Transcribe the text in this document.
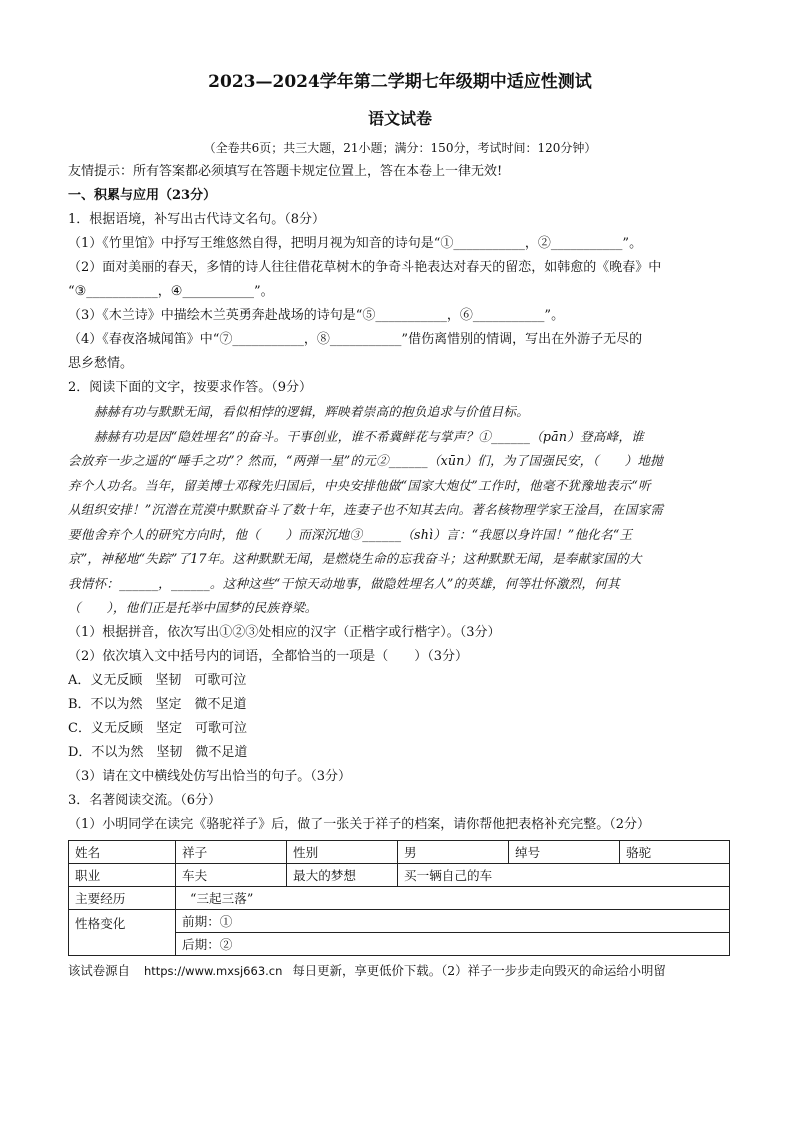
2023—2024学年第二学期七年级期中适应性测试
语文试卷
（全卷共6页；共三大题，21小题；满分：150分，考试时间：120分钟）
友情提示：所有答案都必须填写在答题卡规定位置上，答在本卷上一律无效!
一、积累与应用（23分）
1．根据语境，补写出古代诗文名句。（8分）
（1）《竹里馆》中抒写王维悠然自得，把明月视为知音的诗句是“①___________，②___________”。
（2）面对美丽的春天，多情的诗人往往借花草树木的争奇斗艳表达对春天的留恋，如韩愈的《晚春》中
“③___________，④___________”。
（3）《木兰诗》中描绘木兰英勇奔赴战场的诗句是“⑤___________，⑥___________”。
（4）《春夜洛城闻笛》中“⑦___________，⑧___________”借伤离惜别的情调，写出在外游子无尽的
思乡愁情。
2．阅读下面的文字，按要求作答。（9分）
赫赫有功与默默无闻，看似相悖的逻辑，辉映着崇高的抱负追求与价值目标。
赫赫有功是因“隐姓埋名”的奋斗。干事创业，谁不希冀鲜花与掌声？①______（pān）登高峰，谁
会放弃一步之遥的“唾手之功”？然而，“两弹一星”的元②______（xūn）们，为了国强民安，（　　）地抛
弃个人功名。当年，留美博士邓稼先归国后，中央安排他做“国家大炮仗”工作时，他毫不犹豫地表示“听
从组织安排！”沉潜在荒漠中默默奋斗了数十年，连妻子也不知其去向。著名核物理学家王淦昌，在国家需
要他舍弃个人的研究方向时，他（　　）而深沉地③______（shì）言：“我愿以身许国！”他化名“王
京”，神秘地“失踪”了17年。这种默默无闻，是燃烧生命的忘我奋斗；这种默默无闻，是奉献家国的大
我情怀：______，______。这种这些“干惊天动地事，做隐姓埋名人”的英雄，何等壮怀激烈，何其
（　　），他们正是托举中国梦的民族脊梁。
（1）根据拼音，依次写出①②③处相应的汉字（正楷字或行楷字）。（3分）
（2）依次填入文中括号内的词语，全都恰当的一项是（　　）（3分）
A．义无反顾　坚韧　可歌可泣
B．不以为然　坚定　微不足道
C．义无反顾　坚定　可歌可泣
D．不以为然　坚韧　微不足道
（3）请在文中横线处仿写出恰当的句子。（3分）
3．名著阅读交流。（6分）
（1）小明同学在读完《骆驼祥子》后，做了一张关于祥子的档案，请你帮他把表格补充完整。（2分）
姓名	祥子	性别	男	绰号	骆驼
职业	车夫	最大的梦想	买一辆自己的车		
主要经历	“三起三落”				
性格变化	前期：①				
	后期：②				
该试卷源自 https://www.mxsj663.cn 每日更新，享更低价下载。（2）祥子一步步走向毁灭的命运给小明留
